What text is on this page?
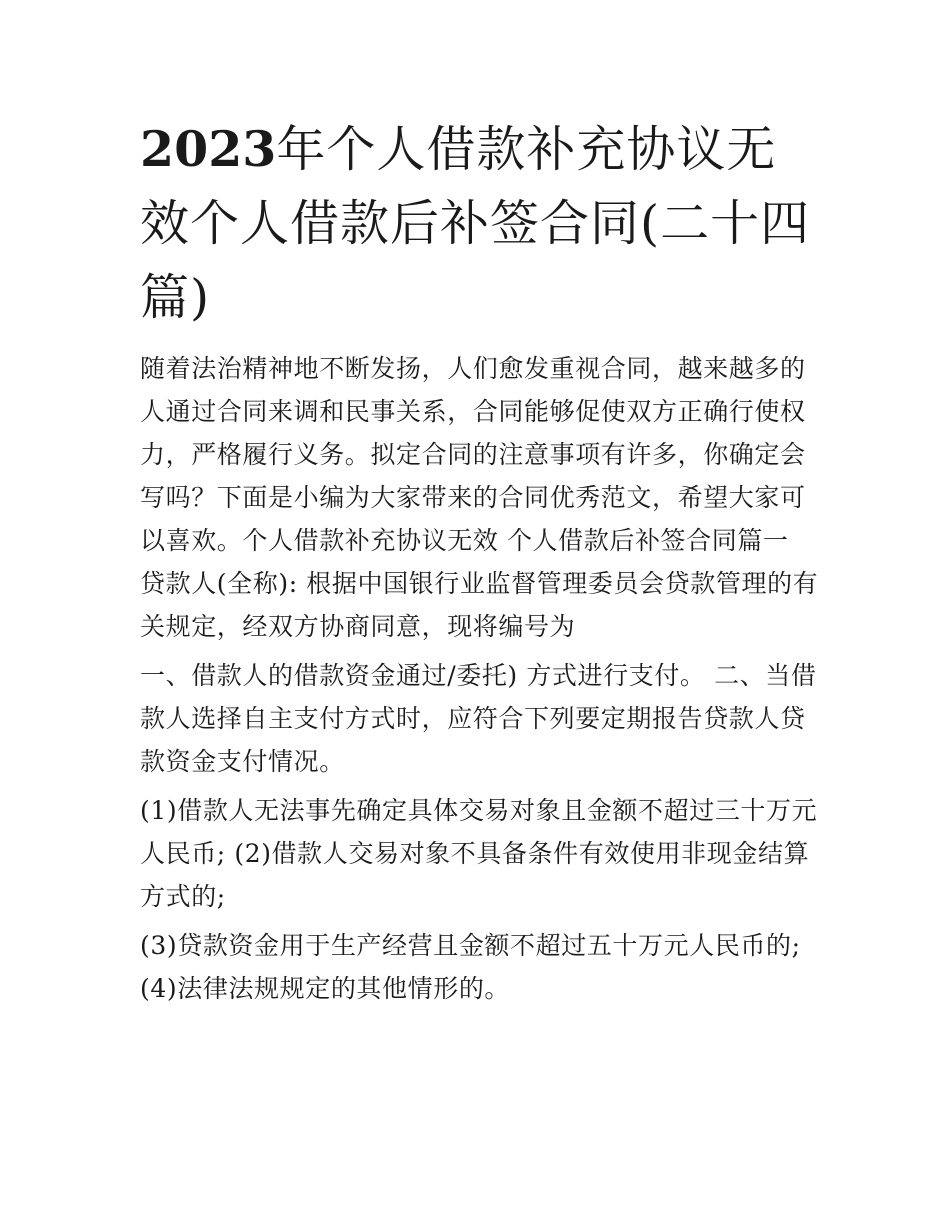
2023年个人借款补充协议无效个人借款后补签合同(二十四篇)

随着法治精神地不断发扬，人们愈发重视合同，越来越多的人通过合同来调和民事关系，合同能够促使双方正确行使权力，严格履行义务。拟定合同的注意事项有许多，你确定会写吗？下面是小编为大家带来的合同优秀范文，希望大家可以喜欢。个人借款补充协议无效 个人借款后补签合同篇一 贷款人(全称): 根据中国银行业监督管理委员会贷款管理的有关规定，经双方协商同意，现将编号为

一、借款人的借款资金通过/委托) 方式进行支付。 二、当借款人选择自主支付方式时，应符合下列要定期报告贷款人贷款资金支付情况。

(1)借款人无法事先确定具体交易对象且金额不超过三十万元人民币; (2)借款人交易对象不具备条件有效使用非现金结算方式的;

(3)贷款资金用于生产经营且金额不超过五十万元人民币的; (4)法律法规规定的其他情形的。
